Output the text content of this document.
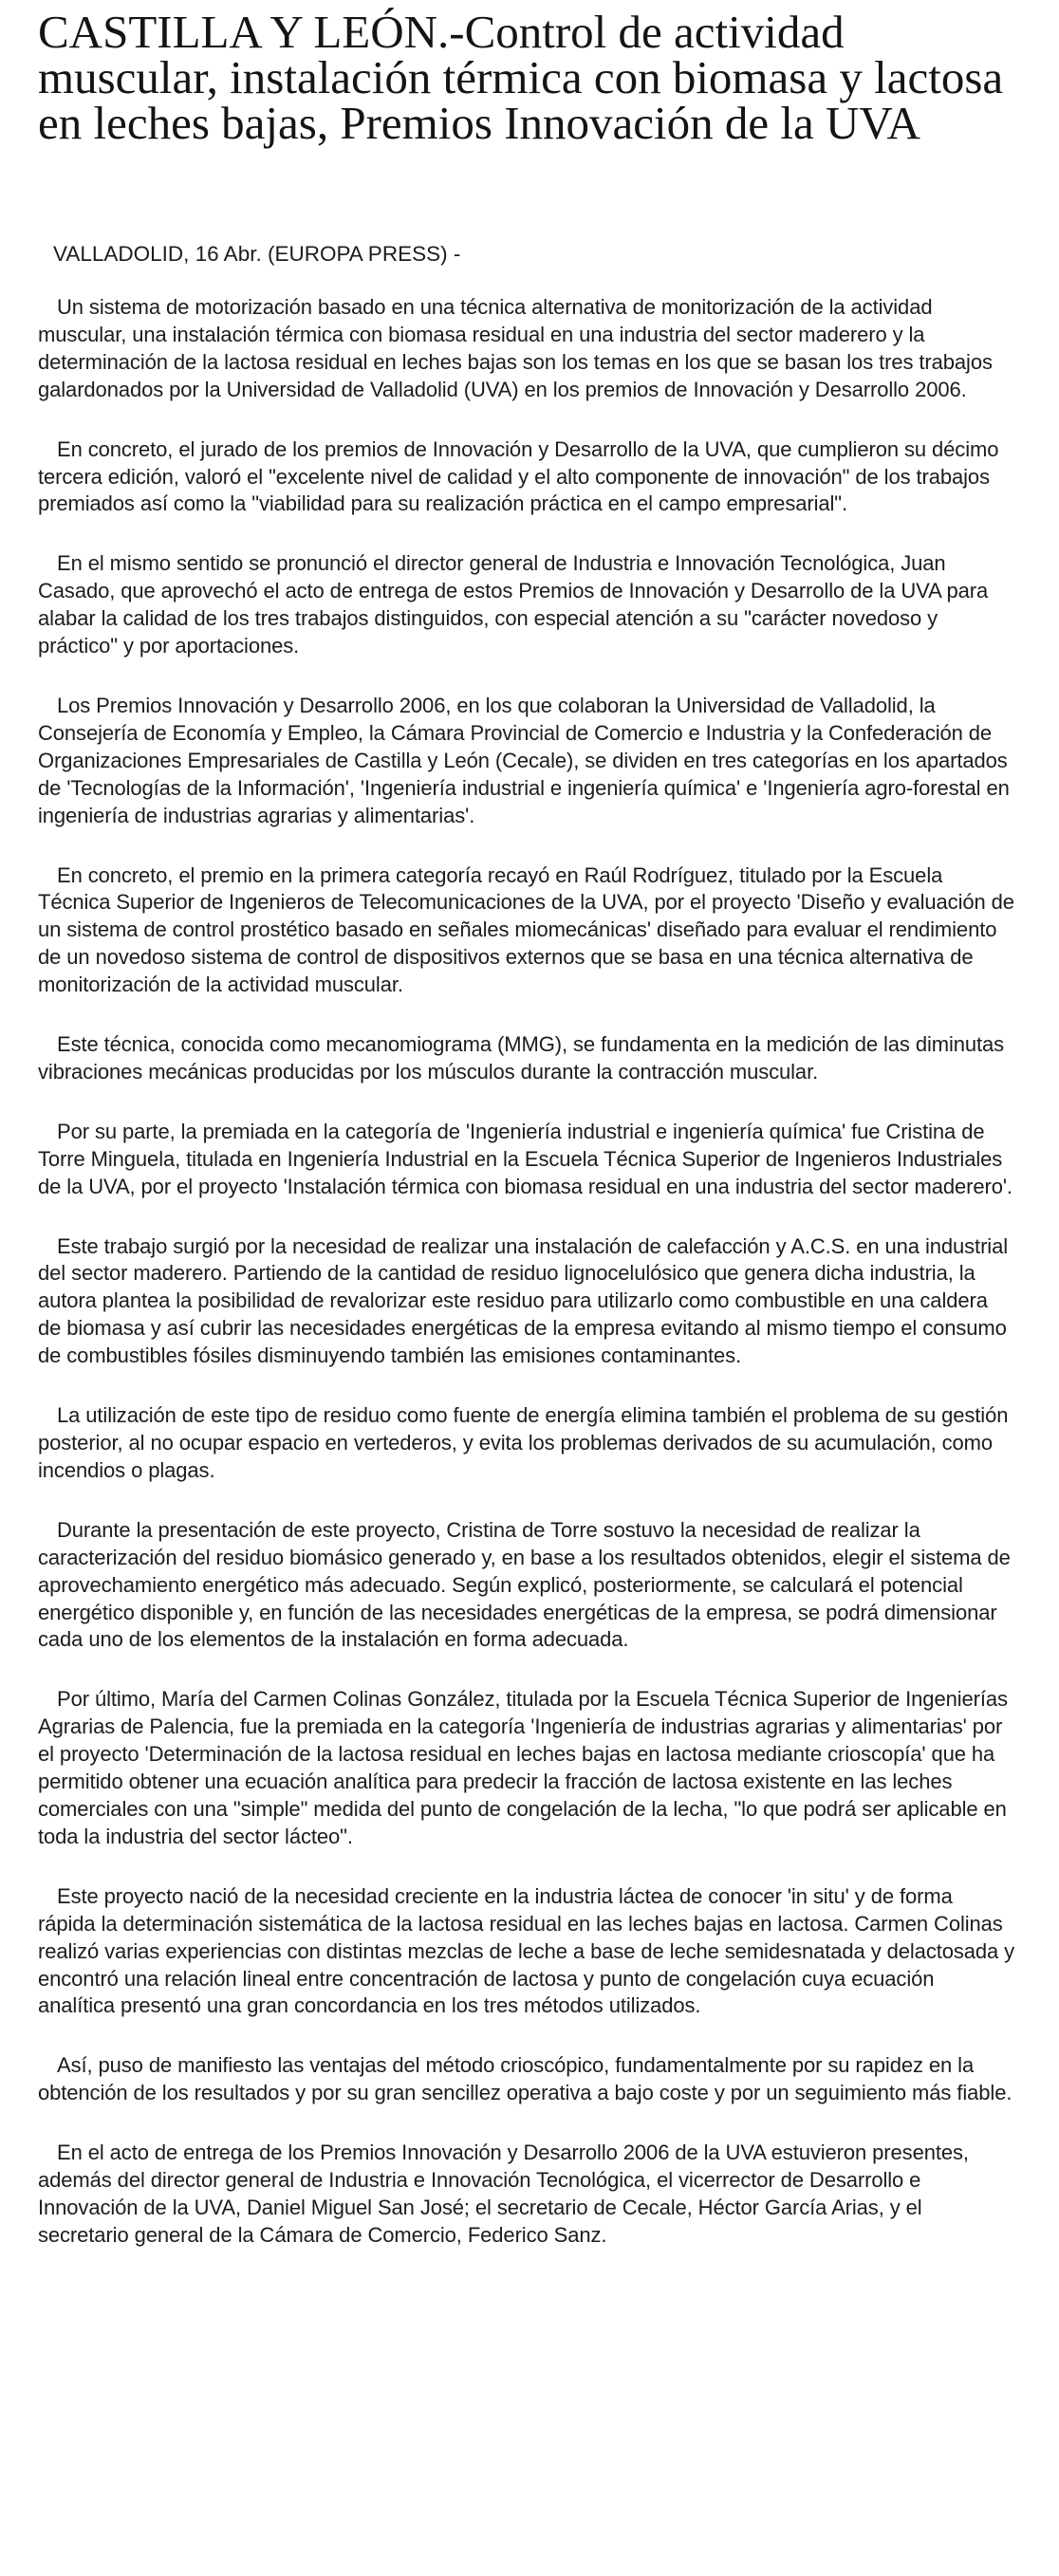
CASTILLA Y LEÓN.-Control de actividad muscular, instalación térmica con biomasa y lactosa en leches bajas, Premios Innovación de la UVA
VALLADOLID, 16 Abr. (EUROPA PRESS) -

Un sistema de motorización basado en una técnica alternativa de monitorización de la actividad muscular, una instalación térmica con biomasa residual en una industria del sector maderero y la determinación de la lactosa residual en leches bajas son los temas en los que se basan los tres trabajos galardonados por la Universidad de Valladolid (UVA) en los premios de Innovación y Desarrollo 2006.

En concreto, el jurado de los premios de Innovación y Desarrollo de la UVA, que cumplieron su décimo tercera edición, valoró el "excelente nivel de calidad y el alto componente de innovación" de los trabajos premiados así como la "viabilidad para su realización práctica en el campo empresarial".

En el mismo sentido se pronunció el director general de Industria e Innovación Tecnológica, Juan Casado, que aprovechó el acto de entrega de estos Premios de Innovación y Desarrollo de la UVA para alabar la calidad de los tres trabajos distinguidos, con especial atención a su "carácter novedoso y práctico" y por aportaciones.

Los Premios Innovación y Desarrollo 2006, en los que colaboran la Universidad de Valladolid, la Consejería de Economía y Empleo, la Cámara Provincial de Comercio e Industria y la Confederación de Organizaciones Empresariales de Castilla y León (Cecale), se dividen en tres categorías en los apartados de 'Tecnologías de la Información', 'Ingeniería industrial e ingeniería química' e 'Ingeniería agro-forestal en ingeniería de industrias agrarias y alimentarias'.

En concreto, el premio en la primera categoría recayó en Raúl Rodríguez, titulado por la Escuela Técnica Superior de Ingenieros de Telecomunicaciones de la UVA, por el proyecto 'Diseño y evaluación de un sistema de control prostético basado en señales miomecánicas' diseñado para evaluar el rendimiento de un novedoso sistema de control de dispositivos externos que se basa en una técnica alternativa de monitorización de la actividad muscular.

Este técnica, conocida como mecanomiograma (MMG), se fundamenta en la medición de las diminutas vibraciones mecánicas producidas por los músculos durante la contracción muscular.

Por su parte, la premiada en la categoría de 'Ingeniería industrial e ingeniería química' fue Cristina de Torre Minguela, titulada en Ingeniería Industrial en la Escuela Técnica Superior de Ingenieros Industriales de la UVA, por el proyecto 'Instalación térmica con biomasa residual en una industria del sector maderero'.

Este trabajo surgió por la necesidad de realizar una instalación de calefacción y A.C.S. en una industrial del sector maderero. Partiendo de la cantidad de residuo lignocelulósico que genera dicha industria, la autora plantea la posibilidad de revalorizar este residuo para utilizarlo como combustible en una caldera de biomasa y así cubrir las necesidades energéticas de la empresa evitando al mismo tiempo el consumo de combustibles fósiles disminuyendo también las emisiones contaminantes.

La utilización de este tipo de residuo como fuente de energía elimina también el problema de su gestión posterior, al no ocupar espacio en vertederos, y evita los problemas derivados de su acumulación, como incendios o plagas.

Durante la presentación de este proyecto, Cristina de Torre sostuvo la necesidad de realizar la caracterización del residuo biomásico generado y, en base a los resultados obtenidos, elegir el sistema de aprovechamiento energético más adecuado. Según explicó, posteriormente, se calculará el potencial energético disponible y, en función de las necesidades energéticas de la empresa, se podrá dimensionar cada uno de los elementos de la instalación en forma adecuada.

Por último, María del Carmen Colinas González, titulada por la Escuela Técnica Superior de Ingenierías Agrarias de Palencia, fue la premiada en la categoría 'Ingeniería de industrias agrarias y alimentarias' por el proyecto 'Determinación de la lactosa residual en leches bajas en lactosa mediante crioscopía' que ha permitido obtener una ecuación analítica para predecir la fracción de lactosa existente en las leches comerciales con una "simple" medida del punto de congelación de la lecha, "lo que podrá ser aplicable en toda la industria del sector lácteo".

Este proyecto nació de la necesidad creciente en la industria láctea de conocer 'in situ' y de forma rápida la determinación sistemática de la lactosa residual en las leches bajas en lactosa. Carmen Colinas realizó varias experiencias con distintas mezclas de leche a base de leche semidesnatada y delactosada y encontró una relación lineal entre concentración de lactosa y punto de congelación cuya ecuación analítica presentó una gran concordancia en los tres métodos utilizados.

Así, puso de manifiesto las ventajas del método crioscópico, fundamentalmente por su rapidez en la obtención de los resultados y por su gran sencillez operativa a bajo coste y por un seguimiento más fiable.

En el acto de entrega de los Premios Innovación y Desarrollo 2006 de la UVA estuvieron presentes, además del director general de Industria e Innovación Tecnológica, el vicerrector de Desarrollo e Innovación de la UVA, Daniel Miguel San José; el secretario de Cecale, Héctor García Arias, y el secretario general de la Cámara de Comercio, Federico Sanz.
